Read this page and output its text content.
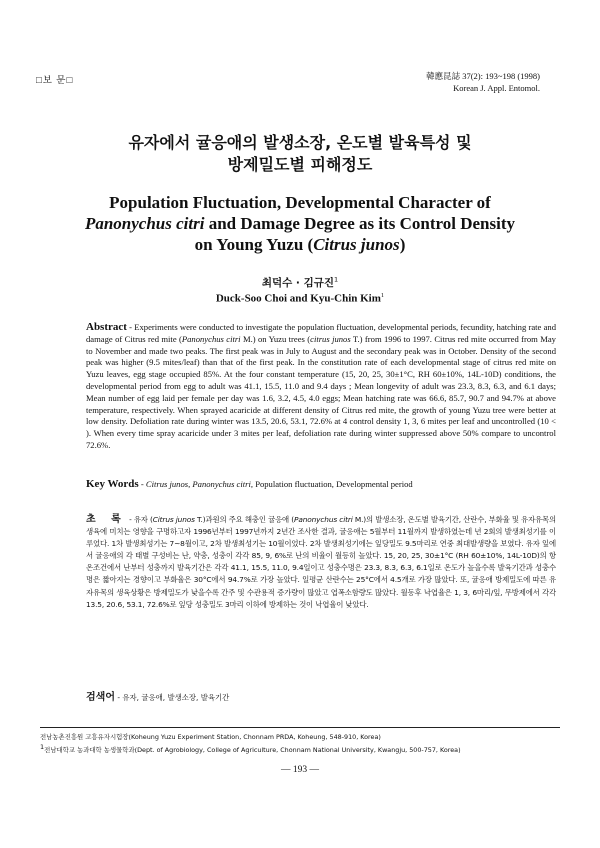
□보 문□	韓應昆誌 37(2): 193~198 (1998)
Korean J. Appl. Entomol.
유자에서 귤응애의 발생소장, 온도별 발육특성 및
방제밀도별 피해정도
Population Fluctuation, Developmental Character of
Panonychus citri and Damage Degree as its Control Density
on Young Yuzu (Citrus junos)
최덕수 · 김규진$^1$
Duck-Soo Choi and Kyu-Chin Kim$^1$

Abstract - Experiments were conducted to investigate the population fluctuation, developmental periods, fecundity, hatching rate and damage of Citrus red mite (Panonychus citri M.) on Yuzu trees (citrus junos T.) from 1996 to 1997. Citrus red mite occurred from May to November and made two peaks. The first peak was in July to August and the secondary peak was in October. Density of the second peak was higher (9.5 mites/leaf) than that of the first peak. In the constitution rate of each developmental stage of citrus red mite on Yuzu leaves, egg stage occupied 85%. At the four constant temperature (15, 20, 25, 30±1°C, RH 60±10%, 14L-10D) conditions, the developmental period from egg to adult was 41.1, 15.5, 11.0 and 9.4 days ; Mean longevity of adult was 23.3, 8.3, 6.3, and 6.1 days; Mean number of egg laid per female per day was 1.6, 3.2, 4.5, 4.0 eggs; Mean hatching rate was 66.6, 85.7, 90.7 and 94.7% at above temperature, respectively. When sprayed acaricide at different density of Citrus red mite, the growth of young Yuzu tree were better at low density. Defoliation rate during winter was 13.5, 20.6, 53.1, 72.6% at 4 control density 1, 3, 6 mites per leaf and uncontrolled (10 < ). When every time spray acaricide under 3 mites per leaf, defoliation rate during winter suppressed above 50% compare to uncontrol 72.6%.

Key Words - Citrus junos, Panonychus citri, Population fluctuation, Developmental period

초 록 - 유자 (Citrus junos T.)과원의 주요 해충인 귤응애 (Panonychus citri M.)의 발생소장, 온도별 발육기간, 산란수, 부화율 및 유자유목의 생육에 미치는 영향을 구명하고자 1996년부터 1997년까지 2년간 조사한 결과, 귤응애는 5월부터 11월까지 발생하였는데 년 2회의 발생최성기를 이루었다. 1차 발생최성기는 7~8월이고, 2차 발생최성기는 10월이었다. 2차 발생최성기에는 잎당밀도 9.5마리로 연중 최대발생량을 보였다. 유자 잎에서 귤응애의 각 태별 구성비는 난, 약충, 성충이 각각 85, 9, 6%로 난의 비율이 월등히 높았다. 15, 20, 25, 30±1°C (RH 60±10%, 14L-10D)의 항온조건에서 난부터 성충까지 발육기간은 각각 41.1, 15.5, 11.0, 9.4일이고 성충수명은 23.3, 8.3, 6.3, 6.1일로 온도가 높을수록 발육기간과 성충수명은 짧아지는 경향이고 부화율은 30°C에서 94.7%로 가장 높았다. 일평균 산란수는 25°C에서 4.5개로 가장 많았다. 또, 귤응애 방제밀도에 따른 유자유목의 생육상황은 방제밀도가 낮을수록 간주 및 수관용적 증가량이 많았고 엽폭소함량도 많았다. 월동후 낙엽율은 1, 3, 6마리/잎, 무방제에서 각각 13.5, 20.6, 53.1, 72.6%로 잎당 성충밀도 3마리 이하에 방제하는 것이 낙엽율이 낮았다.

검색어 - 유자, 귤응애, 발생소장, 발육기간

전남농촌진흥원 고흥유자시험장(Koheung Yuzu Experiment Station, Chonnam PRDA, Koheung, 548-910, Korea)

$^1$전남대학교 농과대학 농생물학과(Dept. of Agrobiology, College of Agriculture, Chonnam National University, Kwangju, 500-757, Korea)

— 193 —
